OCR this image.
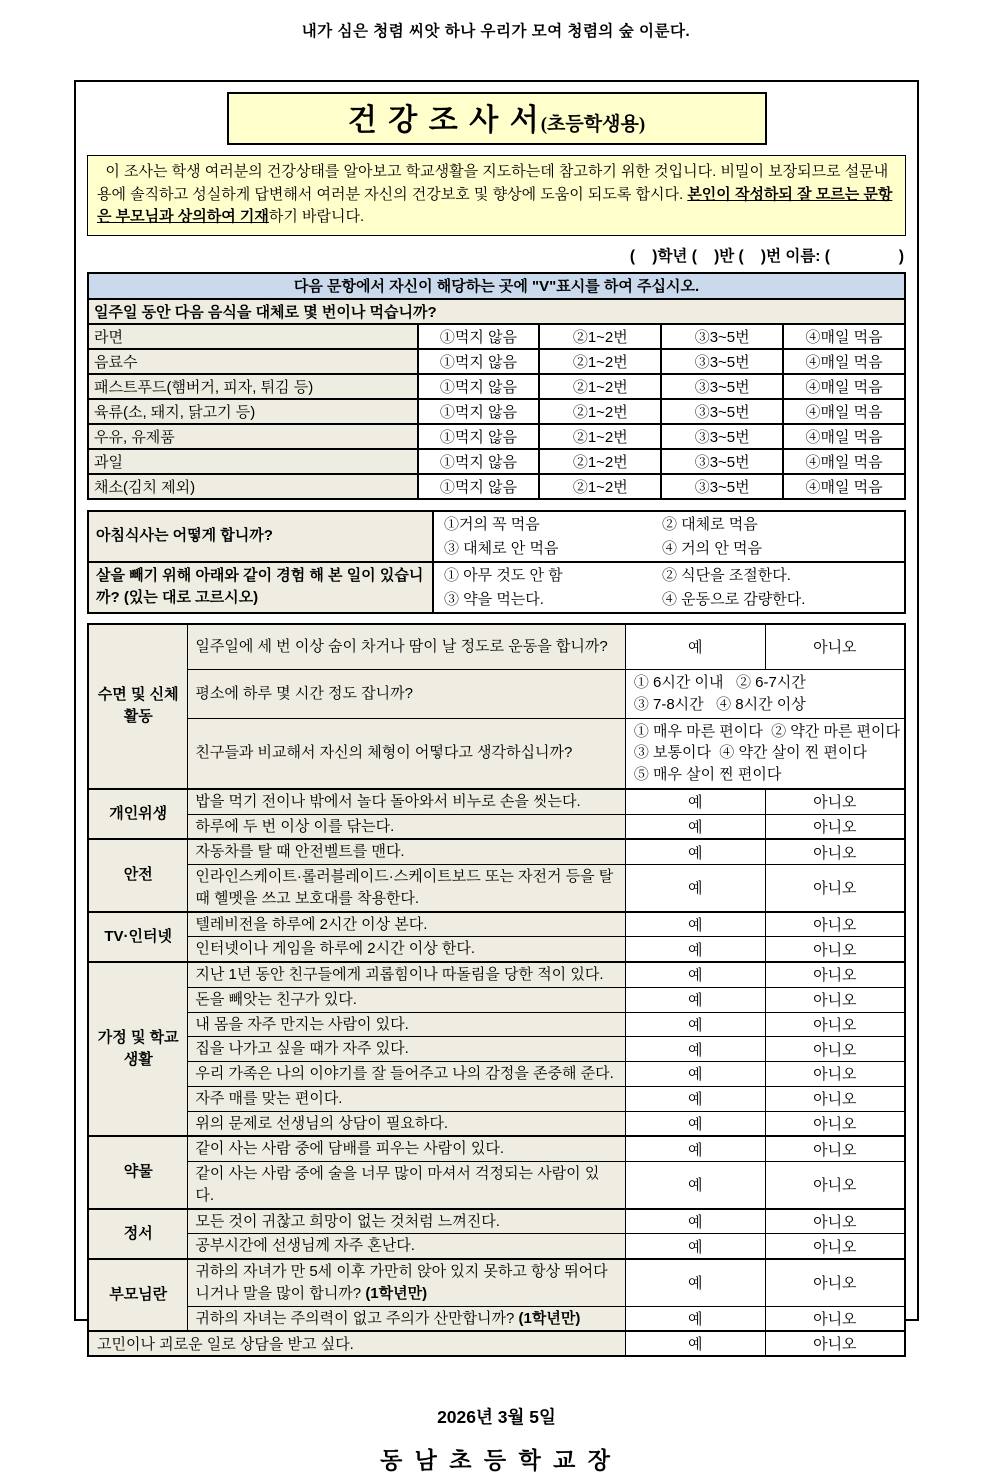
내가 심은 청렴 씨앗 하나 우리가 모여 청렴의 숲 이룬다.
건 강 조 사 서(초등학생용)
이 조사는 학생 여러분의 건강상태를 알아보고 학교생활을 지도하는데 참고하기 위한 것입니다. 비밀이 보장되므로 설문내용에 솔직하고 성실하게 답변해서 여러분 자신의 건강보호 및 향상에 도움이 되도록 합시다. 본인이 작성하되 잘 모르는 문항은 부모님과 상의하여 기재하기 바랍니다.
(    )학년 (    )반 (    )번 이름: (                )
다음 문항에서 자신이 해당하는 곳에 "V"표시를 하여 주십시오.				
일주일 동안 다음 음식을 대체로 몇 번이나 먹습니까?				
라면	①먹지 않음	②1~2번	③3~5번	④매일 먹음
음료수	①먹지 않음	②1~2번	③3~5번	④매일 먹음
패스트푸드(햄버거, 피자, 튀김 등)	①먹지 않음	②1~2번	③3~5번	④매일 먹음
육류(소, 돼지, 닭고기 등)	①먹지 않음	②1~2번	③3~5번	④매일 먹음
우유, 유제품	①먹지 않음	②1~2번	③3~5번	④매일 먹음
과일	①먹지 않음	②1~2번	③3~5번	④매일 먹음
채소(김치 제외)	①먹지 않음	②1~2번	③3~5번	④매일 먹음
아침식사는 어떻게 합니까?	①거의 꼭 먹음 ② 대체로 먹음
③ 대체로 안 먹음 ④ 거의 안 먹음

살을 빼기 위해 아래와 같이 경험 해 본 일이 있습니까? (있는 대로 고르시오)	① 아무 것도 안 함 ② 식단을 조절한다.
③ 약을 먹는다. ④ 운동으로 감량한다.
수면 및 신체활동	일주일에 세 번 이상 숨이 차거나 땀이 날 정도로 운동을 합니까?	예	아니오
	평소에 하루 몇 시간 정도 잡니까?	① 6시간 이내   ② 6-7시간
③ 7-8시간   ④ 8시간 이상	

	친구들과 비교해서 자신의 체형이 어떻다고 생각하십니까?	① 매우 마른 편이다  ② 약간 마른 편이다
③ 보통이다  ④ 약간 살이 찐 편이다
⑤ 매우 살이 찐 편이다	

개인위생	밥을 먹기 전이나 밖에서 놀다 돌아와서 비누로 손을 씻는다.	예	아니오
	하루에 두 번 이상 이를 닦는다.	예	아니오
안전	자동차를 탈 때 안전벨트를 맨다.	예	아니오
	인라인스케이트·롤러블레이드·스케이트보드 또는 자전거 등을 탈 때 헬멧을 쓰고 보호대를 착용한다.	예	아니오
TV·인터넷	텔레비전을 하루에 2시간 이상 본다.	예	아니오
	인터넷이나 게임을 하루에 2시간 이상 한다.	예	아니오
가정 및 학교생활	지난 1년 동안 친구들에게 괴롭힘이나 따돌림을 당한 적이 있다.	예	아니오
	돈을 빼앗는 친구가 있다.	예	아니오
	내 몸을 자주 만지는 사람이 있다.	예	아니오
	집을 나가고 싶을 때가 자주 있다.	예	아니오
	우리 가족은 나의 이야기를 잘 들어주고 나의 감정을 존중해 준다.	예	아니오
	자주 매를 맞는 편이다.	예	아니오
	위의 문제로 선생님의 상담이 필요하다.	예	아니오
약물	같이 사는 사람 중에 담배를 피우는 사람이 있다.	예	아니오
	같이 사는 사람 중에 술을 너무 많이 마셔서 걱정되는 사람이 있다.	예	아니오
정서	모든 것이 귀찮고 희망이 없는 것처럼 느껴진다.	예	아니오
	공부시간에 선생님께 자주 혼난다.	예	아니오
부모님란	귀하의 자녀가 만 5세 이후 가만히 앉아 있지 못하고 항상 뛰어다니거나 말을 많이 합니까? (1학년만)	예	아니오
	귀하의 자녀는 주의력이 없고 주의가 산만합니까? (1학년만)	예	아니오
고민이나 괴로운 일로 상담을 받고 싶다.		예	아니오
2026년 3월 5일
동 남 초 등 학 교 장
